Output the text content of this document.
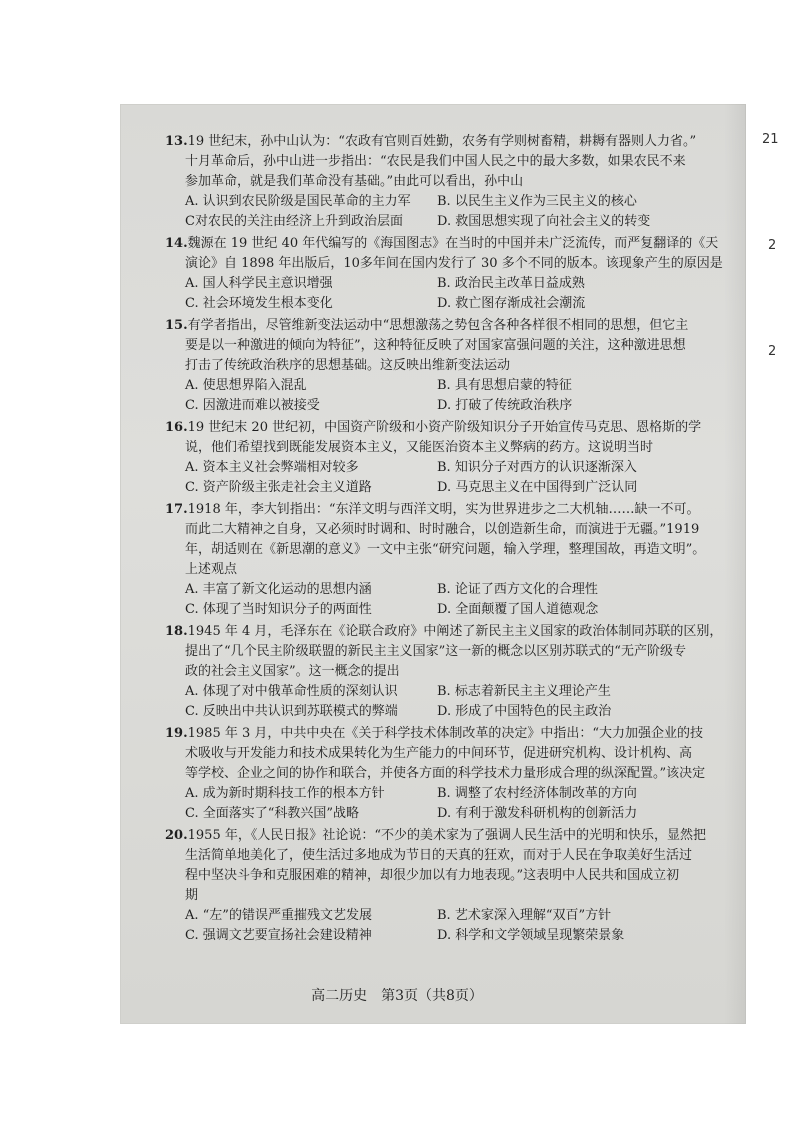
21
2
2
13.19 世纪末，孙中山认为：“农政有官则百姓勤，农务有学则树畜精，耕耨有器则人力省。”
十月革命后，孙中山进一步指出：“农民是我们中国人民之中的最大多数，如果农民不来
参加革命，就是我们革命没有基础。”由此可以看出，孙中山
A. 认识到农民阶级是国民革命的主力军	B. 以民生主义作为三民主义的核心
C对农民的关注由经济上升到政治层面	D. 救国思想实现了向社会主义的转变
14.魏源在 19 世纪 40 年代编写的《海国图志》在当时的中国并未广泛流传，而严复翻译的《天
演论》自 1898 年出版后，10多年间在国内发行了 30 多个不同的版本。该现象产生的原因是
A. 国人科学民主意识增强	B. 政治民主改革日益成熟
C. 社会环境发生根本变化	D. 救亡图存渐成社会潮流
15.有学者指出，尽管维新变法运动中“思想激荡之势包含各种各样很不相同的思想，但它主
要是以一种激进的倾向为特征”，这种特征反映了对国家富强问题的关注，这种激进思想
打击了传统政治秩序的思想基础。这反映出维新变法运动
A. 使思想界陷入混乱	B. 具有思想启蒙的特征
C. 因激进而难以被接受	D. 打破了传统政治秩序
16.19 世纪末 20 世纪初，中国资产阶级和小资产阶级知识分子开始宣传马克思、恩格斯的学
说，他们希望找到既能发展资本主义，又能医治资本主义弊病的药方。这说明当时
A. 资本主义社会弊端相对较多	B. 知识分子对西方的认识逐渐深入
C. 资产阶级主张走社会主义道路	D. 马克思主义在中国得到广泛认同
17.1918 年，李大钊指出：“东洋文明与西洋文明，实为世界进步之二大机轴……缺一不可。
而此二大精神之自身，又必须时时调和、时时融合，以创造新生命，而演进于无疆。”1919
年，胡适则在《新思潮的意义》一文中主张“研究问题，输入学理，整理国故，再造文明”。
上述观点
A. 丰富了新文化运动的思想内涵	B. 论证了西方文化的合理性
C. 体现了当时知识分子的两面性	D. 全面颠覆了国人道德观念
18.1945 年 4 月，毛泽东在《论联合政府》中阐述了新民主主义国家的政治体制同苏联的区别，
提出了“几个民主阶级联盟的新民主主义国家”这一新的概念以区别苏联式的“无产阶级专
政的社会主义国家”。这一概念的提出
A. 体现了对中俄革命性质的深刻认识	B. 标志着新民主主义理论产生
C. 反映出中共认识到苏联模式的弊端	D. 形成了中国特色的民主政治
19.1985 年 3 月，中共中央在《关于科学技术体制改革的决定》中指出：“大力加强企业的技
术吸收与开发能力和技术成果转化为生产能力的中间环节，促进研究机构、设计机构、高
等学校、企业之间的协作和联合，并使各方面的科学技术力量形成合理的纵深配置。”该决定
A. 成为新时期科技工作的根本方针	B. 调整了农村经济体制改革的方向
C. 全面落实了“科教兴国”战略	D. 有利于激发科研机构的创新活力
20.1955 年，《人民日报》社论说：“不少的美术家为了强调人民生活中的光明和快乐，显然把
生活简单地美化了，使生活过多地成为节日的天真的狂欢，而对于人民在争取美好生活过
程中坚决斗争和克服困难的精神，却很少加以有力地表现。”这表明中人民共和国成立初
期
A. “左”的错误严重摧残文艺发展	B. 艺术家深入理解“双百”方针
C. 强调文艺要宣扬社会建设精神	D. 科学和文学领域呈现繁荣景象
高二历史　第3页（共8页）
